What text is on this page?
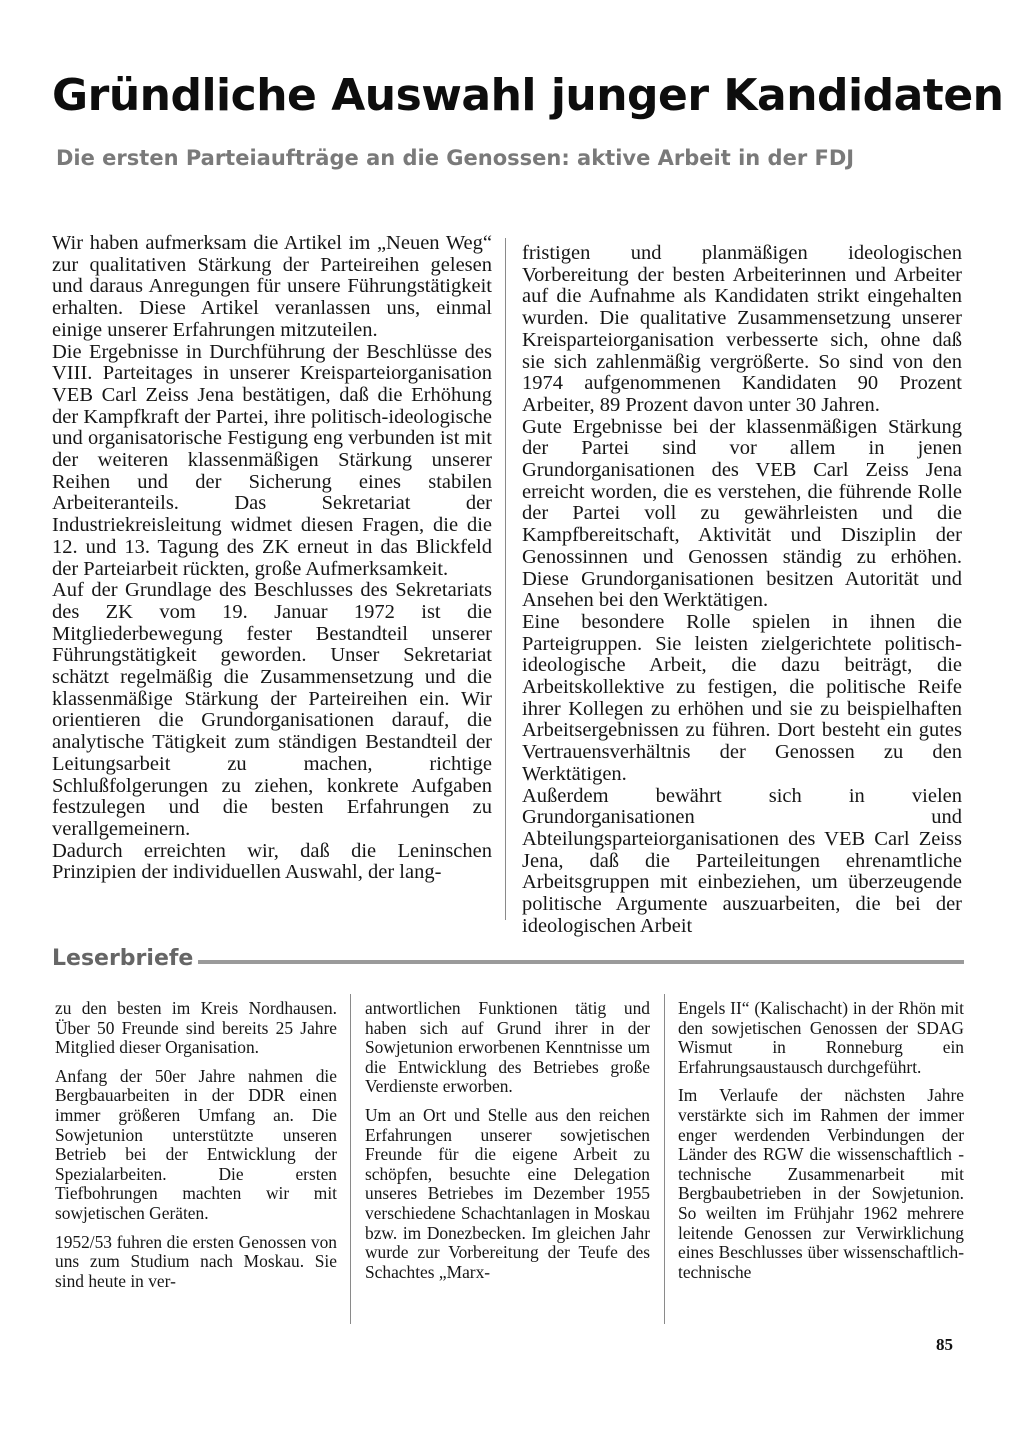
Gründliche Auswahl junger Kandidaten
Die ersten Parteiaufträge an die Genossen: aktive Arbeit in der FDJ

Wir haben aufmerksam die Artikel im „Neuen Weg“ zur qualitativen Stärkung der Parteireihen gelesen und daraus Anregungen für unsere Führungstätigkeit erhalten. Diese Artikel veranlassen uns, einmal einige unserer Erfahrungen mitzuteilen.

Die Ergebnisse in Durchführung der Beschlüsse des VIII. Parteitages in unserer Kreisparteiorganisation VEB Carl Zeiss Jena bestätigen, daß die Erhöhung der Kampfkraft der Partei, ihre politisch-ideologische und organisatorische Festigung eng verbunden ist mit der weiteren klassenmäßigen Stärkung unserer Reihen und der Sicherung eines stabilen Arbeiteranteils. Das Sekretariat der Industriekreisleitung widmet diesen Fragen, die die 12. und 13. Tagung des ZK erneut in das Blickfeld der Parteiarbeit rückten, große Aufmerksamkeit.

Auf der Grundlage des Beschlusses des Sekretariats des ZK vom 19. Januar 1972 ist die Mitgliederbewegung fester Bestandteil unserer Führungstätigkeit geworden. Unser Sekretariat schätzt regelmäßig die Zusammensetzung und die klassenmäßige Stärkung der Parteireihen ein. Wir orientieren die Grundorganisationen darauf, die analytische Tätigkeit zum ständigen Bestandteil der Leitungsarbeit zu machen, richtige Schlußfolgerungen zu ziehen, konkrete Aufgaben festzulegen und die besten Erfahrungen zu verallgemeinern.

Dadurch erreichten wir, daß die Leninschen Prinzipien der individuellen Auswahl, der lang-

fristigen und planmäßigen ideologischen Vorbereitung der besten Arbeiterinnen und Arbeiter auf die Aufnahme als Kandidaten strikt eingehalten wurden. Die qualitative Zusammensetzung unserer Kreisparteiorganisation verbesserte sich, ohne daß sie sich zahlenmäßig vergrößerte. So sind von den 1974 aufgenommenen Kandidaten 90 Prozent Arbeiter, 89 Prozent davon unter 30 Jahren.

Gute Ergebnisse bei der klassenmäßigen Stärkung der Partei sind vor allem in jenen Grundorganisationen des VEB Carl Zeiss Jena erreicht worden, die es verstehen, die führende Rolle der Partei voll zu gewährleisten und die Kampfbereitschaft, Aktivität und Disziplin der Genossinnen und Genossen ständig zu erhöhen. Diese Grundorganisationen besitzen Autorität und Ansehen bei den Werktätigen.

Eine besondere Rolle spielen in ihnen die Parteigruppen. Sie leisten zielgerichtete politisch-ideologische Arbeit, die dazu beiträgt, die Arbeitskollektive zu festigen, die politische Reife ihrer Kollegen zu erhöhen und sie zu beispielhaften Arbeitsergebnissen zu führen. Dort besteht ein gutes Vertrauensverhältnis der Genossen zu den Werktätigen.

Außerdem bewährt sich in vielen Grundorganisationen und Abteilungsparteiorganisationen des VEB Carl Zeiss Jena, daß die Parteileitungen ehrenamtliche Arbeitsgruppen mit einbeziehen, um überzeugende politische Argumente auszuarbeiten, die bei der ideologischen Arbeit

Leserbriefe

zu den besten im Kreis Nordhausen. Über 50 Freunde sind bereits 25 Jahre Mitglied dieser Organisation.

Anfang der 50er Jahre nahmen die Bergbauarbeiten in der DDR einen immer größeren Umfang an. Die Sowjetunion unterstützte unseren Betrieb bei der Entwicklung der Spezialarbeiten. Die ersten Tiefbohrungen machten wir mit sowjetischen Geräten.

1952/53 fuhren die ersten Genossen von uns zum Studium nach Moskau. Sie sind heute in ver-

antwortlichen Funktionen tätig und haben sich auf Grund ihrer in der Sowjetunion erworbenen Kenntnisse um die Entwicklung des Betriebes große Verdienste erworben.

Um an Ort und Stelle aus den reichen Erfahrungen unserer sowjetischen Freunde für die eigene Arbeit zu schöpfen, besuchte eine Delegation unseres Betriebes im Dezember 1955 verschiedene Schachtanlagen in Moskau bzw. im Donezbecken. Im gleichen Jahr wurde zur Vorbereitung der Teufe des Schachtes „Marx-

Engels II“ (Kalischacht) in der Rhön mit den sowjetischen Genossen der SDAG Wismut in Ronneburg ein Erfahrungsaustausch durchgeführt.

Im Verlaufe der nächsten Jahre verstärkte sich im Rahmen der immer enger werdenden Verbindungen der Länder des RGW die wissenschaftlich - technische Zusammenarbeit mit Bergbaubetrieben in der Sowjetunion. So weilten im Frühjahr 1962 mehrere leitende Genossen zur Verwirklichung eines Beschlusses über wissenschaftlich-technische

85
